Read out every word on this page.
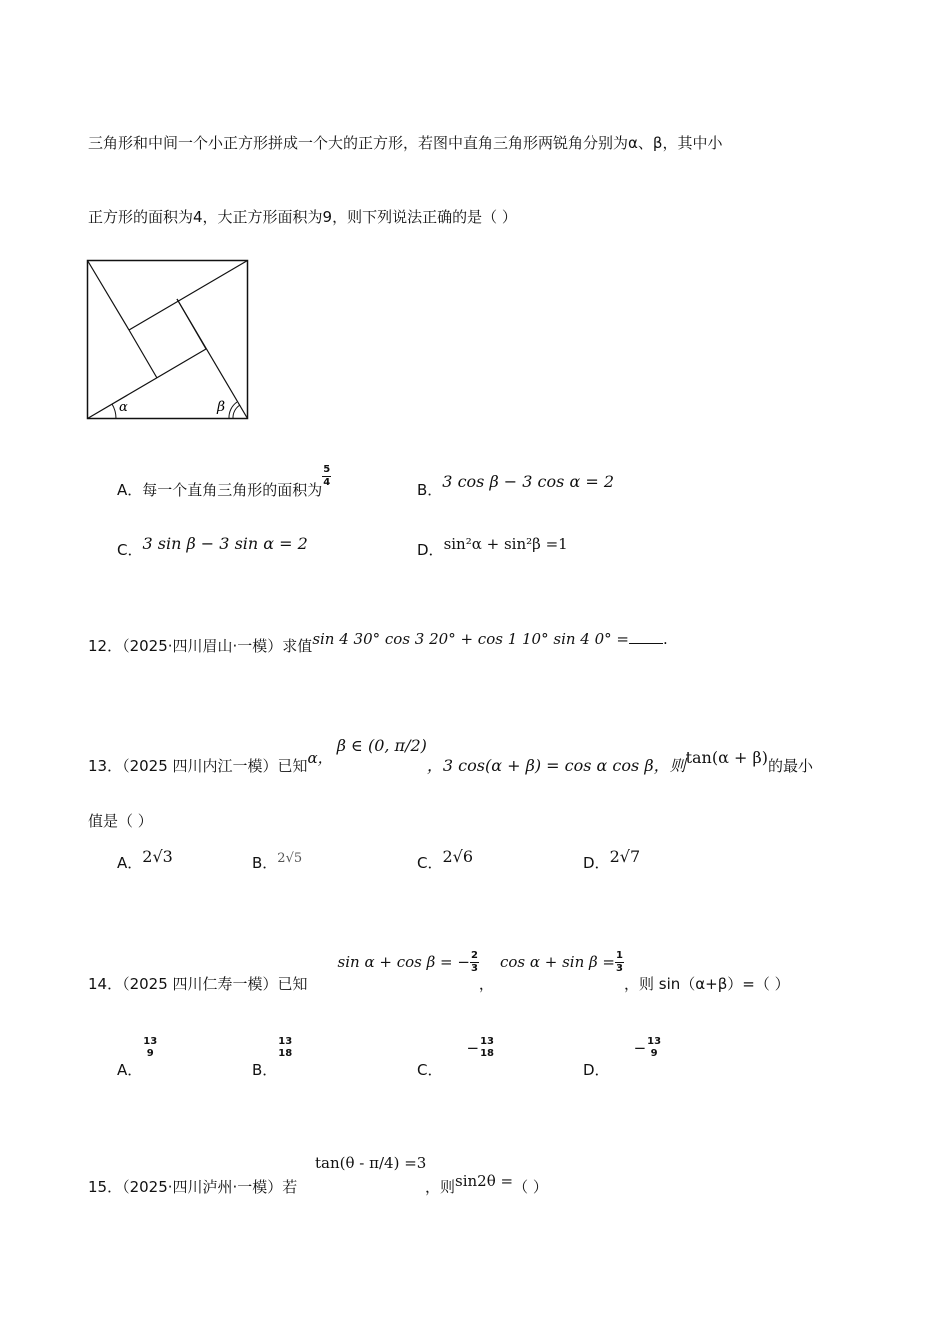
三角形和中间一个小正方形拼成一个大的正方形，若图中直角三角形两锐角分别为α、β，其中小
正方形的面积为4，大正方形面积为9，则下列说法正确的是（ ）
α	β
A．每一个直角三角形的面积为
$\frac{5}{4}$
B．3 cos β − 3 cos α = 2
C．3 sin β − 3 sin α = 2	D．sin²α + sin²β =1
12．（2025·四川眉山·一模）求值sin 4 30° cos 3 20° + cos 1 10° sin 4 0° = .
13．（2025 四川内江一模）已知α，β ∈ (0, π/2)，3 cos(α + β) = cos α cos β，则tan(α + β)的最小
值是（ ）
A．2√3	B．2√5	C．2√6	D．2√7
14．（2025 四川仁寿一模）已知sin α + cos β = − $\frac{2}{3}$
，$\cos \alpha + \sin \beta = \frac{1}{3}$
，则 sin（α+β）=（ ）
A．
13
9
B．
13
18
C．− 13
18
D．− 13
9
15．（2025·四川泸州·一模）若
tan(θ - π/4) =3
，则sin2θ =（ ）
